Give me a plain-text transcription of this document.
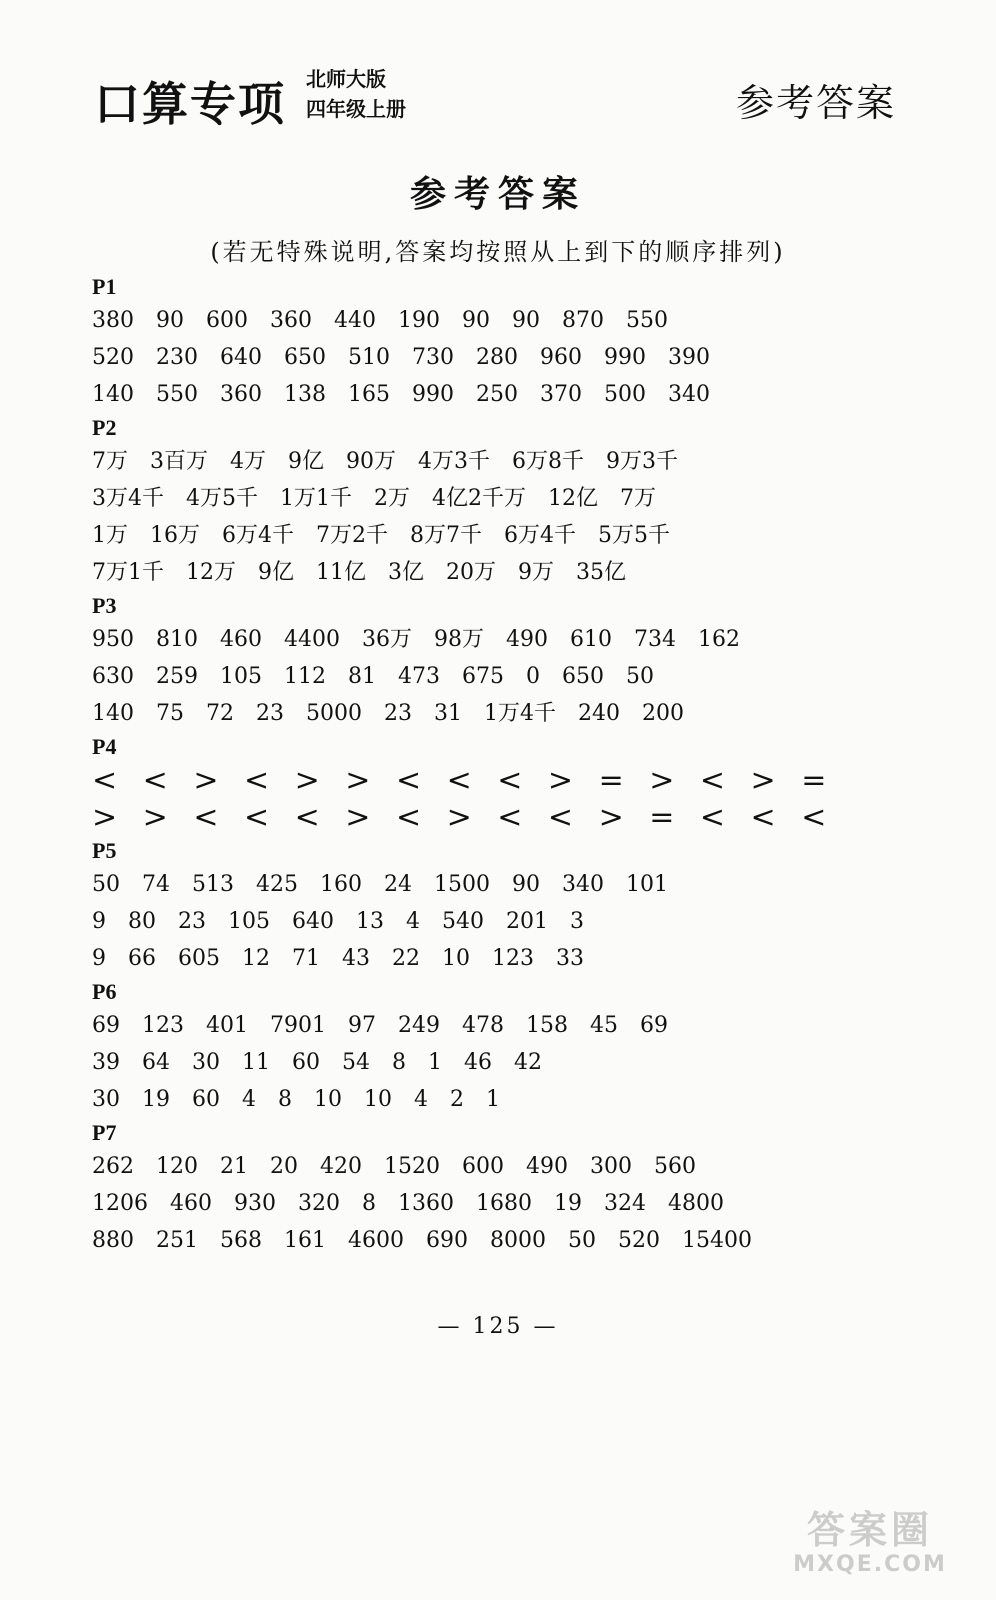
口算专项 北师大版
四年级上册	参考答案
参考答案
(若无特殊说明,答案均按照从上到下的顺序排列)
P1
380 90 600 360 440 190 90 90 870 550
520 230 640 650 510 730 280 960 990 390
140 550 360 138 165 990 250 370 500 340
P2
7万 3百万 4万 9亿 90万 4万3千 6万8千 9万3千
3万4千 4万5千 1万1千 2万 4亿2千万 12亿 7万
1万 16万 6万4千 7万2千 8万7千 6万4千 5万5千
7万1千 12万 9亿 11亿 3亿 20万 9万 35亿
P3
950 810 460 4400 36万 98万 490 610 734 162
630 259 105 112 81 473 675 0 650 50
140 75 72 23 5000 23 31 1万4千 240 200
P4
< < > < > > < < < > = > < > =
> > < < < > < > < < > = < < <
P5
50 74 513 425 160 24 1500 90 340 101
9 80 23 105 640 13 4 540 201 3
9 66 605 12 71 43 22 10 123 33
P6
69 123 401 7901 97 249 478 158 45 69
39 64 30 11 60 54 8 1 46 42
30 19 60 4 8 10 10 4 2 1
P7
262 120 21 20 420 1520 600 490 300 560
1206 460 930 320 8 1360 1680 19 324 4800
880 251 568 161 4600 690 8000 50 520 15400
— 125 —
答案圈
MXQE.COM
